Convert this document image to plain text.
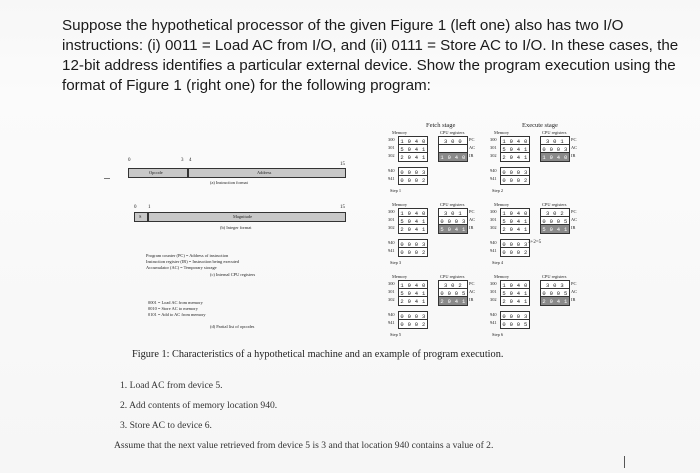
Suppose the hypothetical processor of the given Figure 1 (left one) also has two I/O instructions: (i) 0011 = Load AC from I/O, and (ii) 0111 = Store AC to I/O. In these cases, the 12-bit address identifies a particular external device. Show the program execution using the format of Figure 1 (right one) for the following program:
0	3 4
15
Opcode	Address
(a) Instruction format
0 1	15
S	Magnitude
(b) Integer format
Program counter (PC) = Address of instruction
Instruction register (IR) = Instruction being executed
Accumulator (AC) = Temporary storage
(c) Internal CPU registers
0001 = Load AC from memory
0010 = Store AC to memory
0101 = Add to AC from memory
(d) Partial list of opcodes
Fetch stage	Execute stage
Memory	CPU registers
300	1 9 4 0
301	5 9 4 1
302	2 9 4 1
940	0 0 0 3
941	0 0 0 2
3 0 0	PC
AC
1 9 4 0 IR
Step 1
Memory	CPU registers
300	1 9 4 0
301	5 9 4 1
302	2 9 4 1
940	0 0 0 3
941	0 0 0 2
3 0 1	PC
0 0 0 3 AC
1 9 4 0 IR
Step 2
Memory	CPU registers
300	1 9 4 0
301	5 9 4 1
302	2 9 4 1
940	0 0 0 3
941	0 0 0 2
3 0 1	PC
0 0 0 3 AC
5 9 4 1 IR
Step 3
Memory	CPU registers
300	1 9 4 0
301	5 9 4 1
302	2 9 4 1
940	0 0 0 3
941	0 0 0 2
3 0 2	PC
0 0 0 5 AC
5 9 4 1 IR
Step 4
Memory	CPU registers
300	1 9 4 0
301	5 9 4 1
302	2 9 4 1
940	0 0 0 3
941	0 0 0 2
3 0 2	PC
0 0 0 5 AC
2 9 4 1 IR
Step 5
Memory	CPU registers
300	1 9 4 0
301	5 9 4 1
302	2 9 4 1
940	0 0 0 3
941	0 0 0 5
3 0 3	PC
0 0 0 5 AC
2 9 4 1 IR
Step 6
3+2=5
Figure 1: Characteristics of a hypothetical machine and an example of program execution.
1. Load AC from device 5.
2. Add contents of memory location 940.
3. Store AC to device 6.
Assume that the next value retrieved from device 5 is 3 and that location 940 contains a value of 2.
